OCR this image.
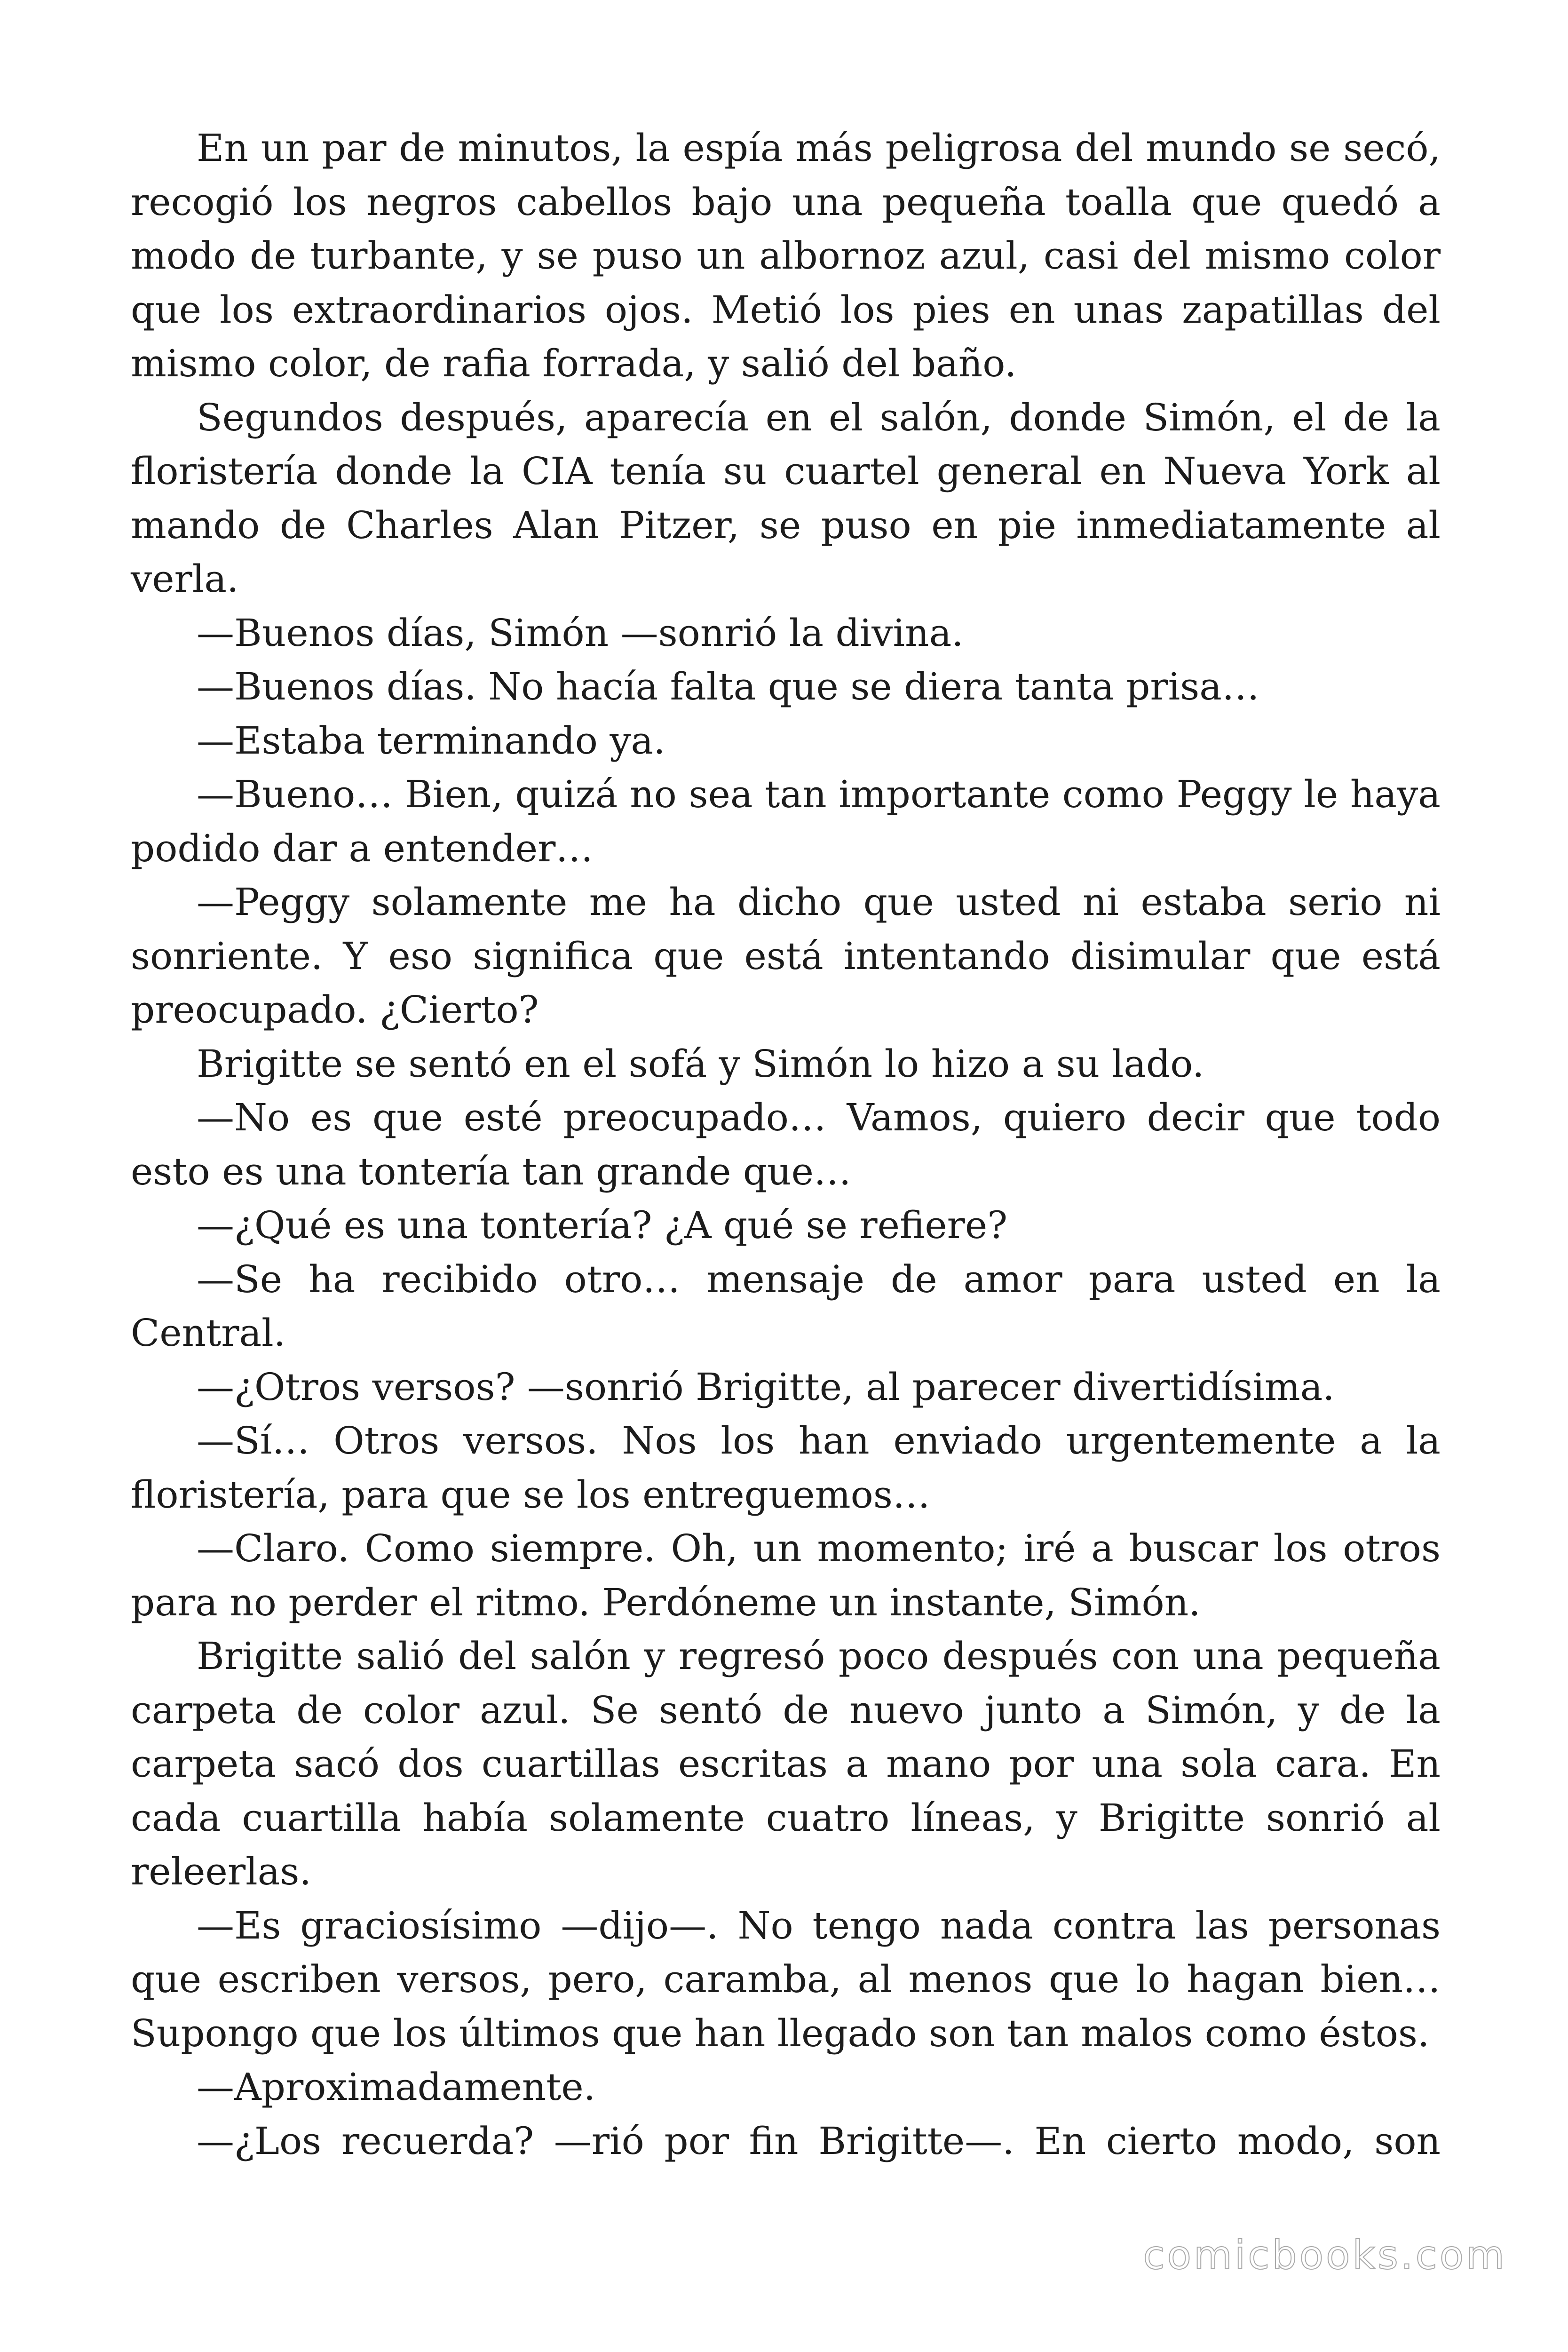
En un par de minutos, la espía más peligrosa del mundo se secó, recogió los negros cabellos bajo una pequeña toalla que quedó a modo de turbante, y se puso un albornoz azul, casi del mismo color que los extraordinarios ojos. Metió los pies en unas zapatillas del mismo color, de rafia forrada, y salió del baño.

Segundos después, aparecía en el salón, donde Simón, el de la floristería donde la CIA tenía su cuartel general en Nueva York al mando de Charles Alan Pitzer, se puso en pie inmediatamente al verla.

—Buenos días, Simón —sonrió la divina.

—Buenos días. No hacía falta que se diera tanta prisa…

—Estaba terminando ya.

—Bueno… Bien, quizá no sea tan importante como Peggy le haya podido dar a entender…

—Peggy solamente me ha dicho que usted ni estaba serio ni sonriente. Y eso significa que está intentando disimular que está preocupado. ¿Cierto?

Brigitte se sentó en el sofá y Simón lo hizo a su lado.

—No es que esté preocupado… Vamos, quiero decir que todo esto es una tontería tan grande que…

—¿Qué es una tontería? ¿A qué se refiere?

—Se ha recibido otro… mensaje de amor para usted en la Central.

—¿Otros versos? —sonrió Brigitte, al parecer divertidísima.

—Sí… Otros versos. Nos los han enviado urgentemente a la floristería, para que se los entreguemos…

—Claro. Como siempre. Oh, un momento; iré a buscar los otros para no perder el ritmo. Perdóneme un instante, Simón.

Brigitte salió del salón y regresó poco después con una pequeña carpeta de color azul. Se sentó de nuevo junto a Simón, y de la carpeta sacó dos cuartillas escritas a mano por una sola cara. En cada cuartilla había solamente cuatro líneas, y Brigitte sonrió al releerlas.

—Es graciosísimo —dijo—. No tengo nada contra las personas que escriben versos, pero, caramba, al menos que lo hagan bien… Supongo que los últimos que han llegado son tan malos como éstos.

—Aproximadamente.

—¿Los recuerda? —rió por fin Brigitte—. En cierto modo, son

comicbooks.com
